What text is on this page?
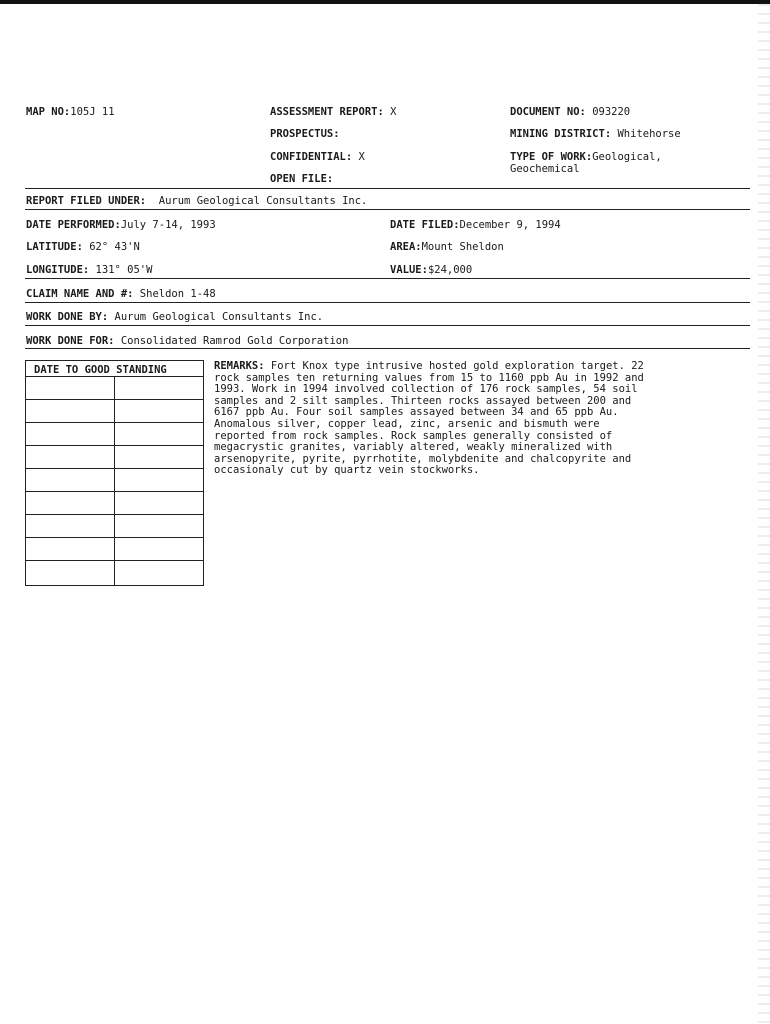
MAP NO:105J 11	ASSESSMENT REPORT: X
PROSPECTUS:
CONFIDENTIAL: X
OPEN FILE:
DOCUMENT NO: 093220
MINING DISTRICT: Whitehorse
TYPE OF WORK:Geological,
Geochemical
REPORT FILED UNDER: Aurum Geological Consultants Inc.
DATE PERFORMED:July 7-14, 1993	DATE FILED:December 9, 1994
LATITUDE: 62° 43'N	AREA:Mount Sheldon
LONGITUDE: 131° 05'W	VALUE:$24,000
CLAIM NAME AND #: Sheldon 1-48
WORK DONE BY: Aurum Geological Consultants Inc.
WORK DONE FOR: Consolidated Ramrod Gold Corporation
DATE TO GOOD STANDING	REMARKS: Fort Knox type intrusive hosted gold exploration target. 22
rock samples ten returning values from 15 to 1160 ppb Au in 1992 and
1993. Work in 1994 involved collection of 176 rock samples, 54 soil
samples and 2 silt samples. Thirteen rocks assayed between 200 and
6167 ppb Au. Four soil samples assayed between 34 and 65 ppb Au.
Anomalous silver, copper lead, zinc, arsenic and bismuth were
reported from rock samples. Rock samples generally consisted of
megacrystic granites, variably altered, weakly mineralized with
arsenopyrite, pyrite, pyrrhotite, molybdenite and chalcopyrite and
occasionaly cut by quartz vein stockworks.
